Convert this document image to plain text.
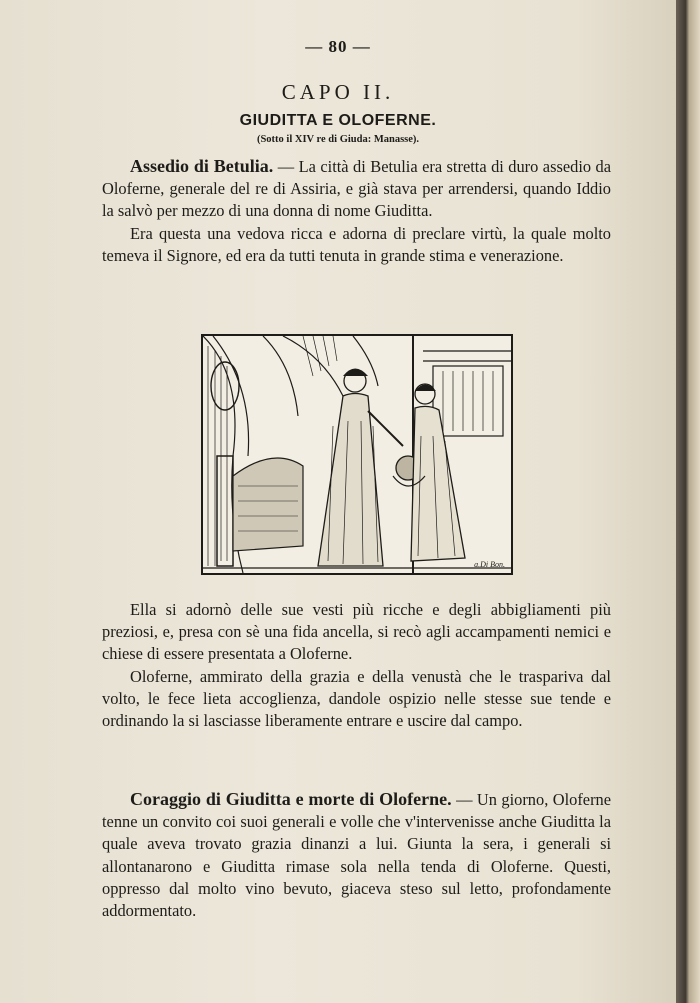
— 80 —
CAPO II.
GIUDITTA E OLOFERNE.
(Sotto il XIV re di Giuda: Manasse).

Assedio di Betulia. — La città di Betulia era stretta di duro assedio da Oloferne, generale del re di Assiria, e già stava per arrendersi, quando Iddio la salvò per mezzo di una donna di nome Giuditta.

Era questa una vedova ricca e adorna di preclare virtù, la quale molto temeva il Signore, ed era da tutti tenuta in grande stima e venerazione.

a.Di Bon.

Ella si adornò delle sue vesti più ricche e degli abbigliamenti più preziosi, e, presa con sè una fida ancella, si recò agli accampamenti nemici e chiese di essere presentata a Oloferne.

Oloferne, ammirato della grazia e della venustà che le traspariva dal volto, le fece lieta accoglienza, dandole ospizio nelle stesse sue tende e ordinando la si lasciasse liberamente entrare e uscire dal campo.

Coraggio di Giuditta e morte di Oloferne. — Un giorno, Oloferne tenne un convito coi suoi generali e volle che v'intervenisse anche Giuditta la quale aveva trovato grazia dinanzi a lui. Giunta la sera, i generali si allontanarono e Giuditta rimase sola nella tenda di Oloferne. Questi, oppresso dal molto vino bevuto, giaceva steso sul letto, profondamente addormentato.
